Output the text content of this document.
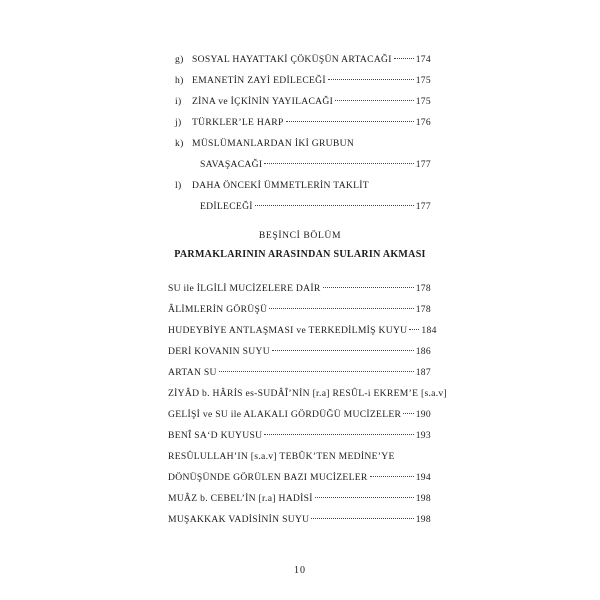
g) SOSYAL HAYATTAKİ ÇÖKÜŞÜN ARTACAĞI 174
h) EMANETİN ZAYİ EDİLECEĞİ	175
i) ZİNA ve İÇKİNİN YAYILACAĞI	175
j) TÜRKLER’LE HARP	176
k) MÜSLÜMANLARDAN İKİ GRUBUN
SAVAŞACAĞI	177
l) DAHA ÖNCEKİ ÜMMETLERİN TAKLİT
EDİLECEĞİ	177
BEŞİNCİ BÖLÜM
PARMAKLARININ ARASINDAN SULARIN AKMASI
SU ile İLGİLİ MUCİZELERE DAİR	178
ÂLİMLERİN GÖRÜŞÜ	178
HUDEYBİYE ANTLAŞMASI ve TERKEDİLMİŞ KUYU 184
DERİ KOVANIN SUYU	186
ARTAN SU	187
ZİYÂD b. HÂRİS es-SUDÂÎ’NİN [r.a] RESÛL-i EKREM’E [s.a.v]
GELİŞİ ve SU ile ALAKALI GÖRDÜĞÜ MUCİZELER 190
BENÎ SA‘D KUYUSU	193
RESÛLULLAH’IN [s.a.v] TEBÛK’TEN MEDİNE’YE
DÖNÜŞÜNDE GÖRÜLEN BAZI MUCİZELER	194
MUÂZ b. CEBEL’İN [r.a] HADİSİ	198
MUŞAKKAK VADİSİNİN SUYU	198
10
